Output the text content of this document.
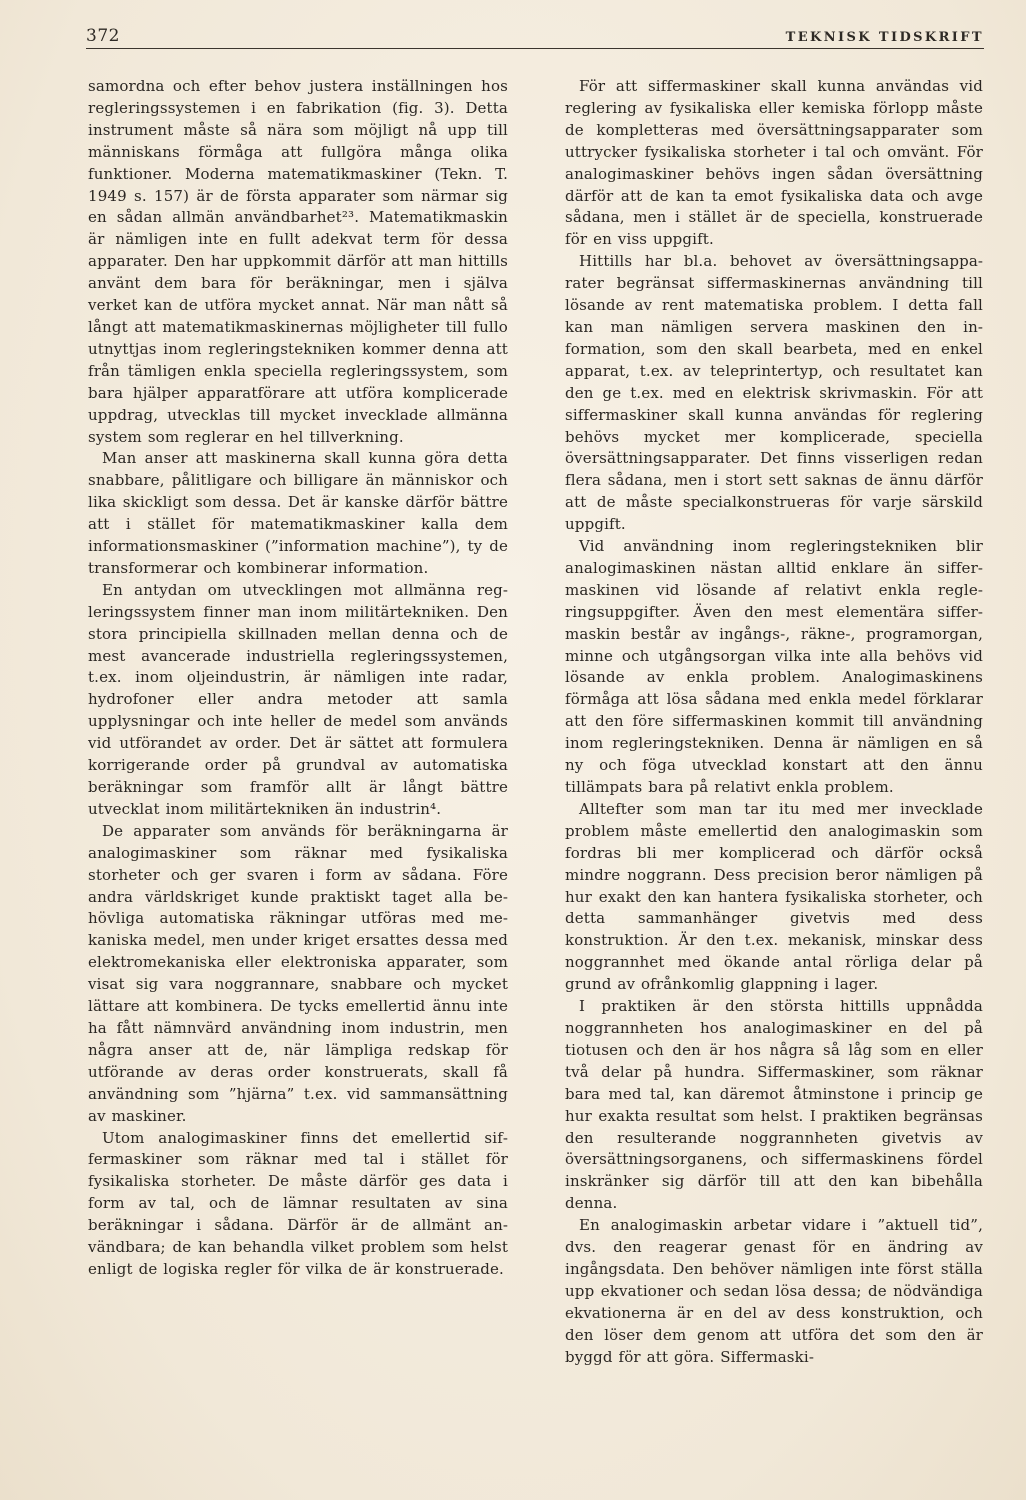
372	TEKNISK TIDSKRIFT

samordna och efter behov justera inställningen hos regleringssystemen i en fabrikation (fig. 3). Detta instrument måste så nära som möjligt nå upp till människans förmåga att fullgöra många olika funktioner. Moderna matematikmaskiner (Tekn. T. 1949 s. 157) är de första apparater som närmar sig en sådan allmän användbarhet²³. Matematikmaskin är nämligen inte en fullt adekvat term för dessa apparater. Den har uppkommit därför att man hittills använt dem bara för beräkningar, men i själva verket kan de utföra mycket annat. När man nått så långt att matematikmaskinernas möjligheter till fullo utnyttjas inom regleringstekniken kommer denna att från tämligen enkla speciella regleringssystem, som bara hjälper apparatförare att utföra komplicerade uppdrag, utvecklas till mycket invecklade allmänna system som reglerar en hel tillverkning.

Man anser att maskinerna skall kunna göra detta snabbare, pålitligare och billigare än människor och lika skickligt som dessa. Det är kanske därför bättre att i stället för matematikmaskiner kalla dem informationsmaskiner (”information machine”), ty de transformerar och kombinerar information.

En antydan om utvecklingen mot allmänna regleringssystem finner man inom militärtekniken. Den stora principiella skillnaden mellan denna och de mest avancerade industriella regleringssystemen, t.ex. inom oljeindustrin, är nämligen inte radar, hydrofoner eller andra metoder att samla upplysningar och inte heller de medel som används vid utförandet av order. Det är sättet att formulera korrigerande order på grundval av automatiska beräkningar som framför allt är långt bättre utvecklat inom militärtekniken än industrin⁴.

De apparater som används för beräkningarna är analogimaskiner som räknar med fysikaliska storheter och ger svaren i form av sådana. Före andra världskriget kunde praktiskt taget alla behövliga automatiska räkningar utföras med mekaniska medel, men under kriget ersattes dessa med elektromekaniska eller elektroniska apparater, som visat sig vara noggrannare, snabbare och mycket lättare att kombinera. De tycks emellertid ännu inte ha fått nämnvärd användning inom industrin, men några anser att de, när lämpliga redskap för utförande av deras order konstruerats, skall få användning som ”hjärna” t.ex. vid sammansättning av maskiner.

Utom analogimaskiner finns det emellertid siffermaskiner som räknar med tal i stället för fysikaliska storheter. De måste därför ges data i form av tal, och de lämnar resultaten av sina beräkningar i sådana. Därför är de allmänt användbara; de kan behandla vilket problem som helst enligt de logiska regler för vilka de är konstruerade.

För att siffermaskiner skall kunna användas vid reglering av fysikaliska eller kemiska förlopp måste de kompletteras med översättningsapparater som uttrycker fysikaliska storheter i tal och omvänt. För analogimaskiner behövs ingen sådan översättning därför att de kan ta emot fysikaliska data och avge sådana, men i stället är de speciella, konstruerade för en viss uppgift.

Hittills har bl.a. behovet av översättningsapparater begränsat siffermaskinernas användning till lösande av rent matematiska problem. I detta fall kan man nämligen servera maskinen den information, som den skall bearbeta, med en enkel apparat, t.ex. av teleprintertyp, och resultatet kan den ge t.ex. med en elektrisk skrivmaskin. För att siffermaskiner skall kunna användas för reglering behövs mycket mer komplicerade, speciella översättningsapparater. Det finns visserligen redan flera sådana, men i stort sett saknas de ännu därför att de måste specialkonstrueras för varje särskild uppgift.

Vid användning inom regleringstekniken blir analogimaskinen nästan alltid enklare än siffermaskinen vid lösande af relativt enkla regleringsuppgifter. Även den mest elementära siffermaskin består av ingångs-, räkne-, programorgan, minne och utgångsorgan vilka inte alla behövs vid lösande av enkla problem. Analogimaskinens förmåga att lösa sådana med enkla medel förklarar att den före siffermaskinen kommit till användning inom regleringstekniken. Denna är nämligen en så ny och föga utvecklad konstart att den ännu tillämpats bara på relativt enkla problem.

Alltefter som man tar itu med mer invecklade problem måste emellertid den analogimaskin som fordras bli mer komplicerad och därför också mindre noggrann. Dess precision beror nämligen på hur exakt den kan hantera fysikaliska storheter, och detta sammanhänger givetvis med dess konstruktion. Är den t.ex. mekanisk, minskar dess noggrannhet med ökande antal rörliga delar på grund av ofrånkomlig glappning i lager.

I praktiken är den största hittills uppnådda noggrannheten hos analogimaskiner en del på tiotusen och den är hos några så låg som en eller två delar på hundra. Siffermaskiner, som räknar bara med tal, kan däremot åtminstone i princip ge hur exakta resultat som helst. I praktiken begränsas den resulterande noggrannheten givetvis av översättningsorganens, och siffermaskinens fördel inskränker sig därför till att den kan bibehålla denna.

En analogimaskin arbetar vidare i ”aktuell tid”, dvs. den reagerar genast för en ändring av ingångsdata. Den behöver nämligen inte först ställa upp ekvationer och sedan lösa dessa; de nödvändiga ekvationerna är en del av dess konstruktion, och den löser dem genom att utföra det som den är byggd för att göra. Siffermaski-
